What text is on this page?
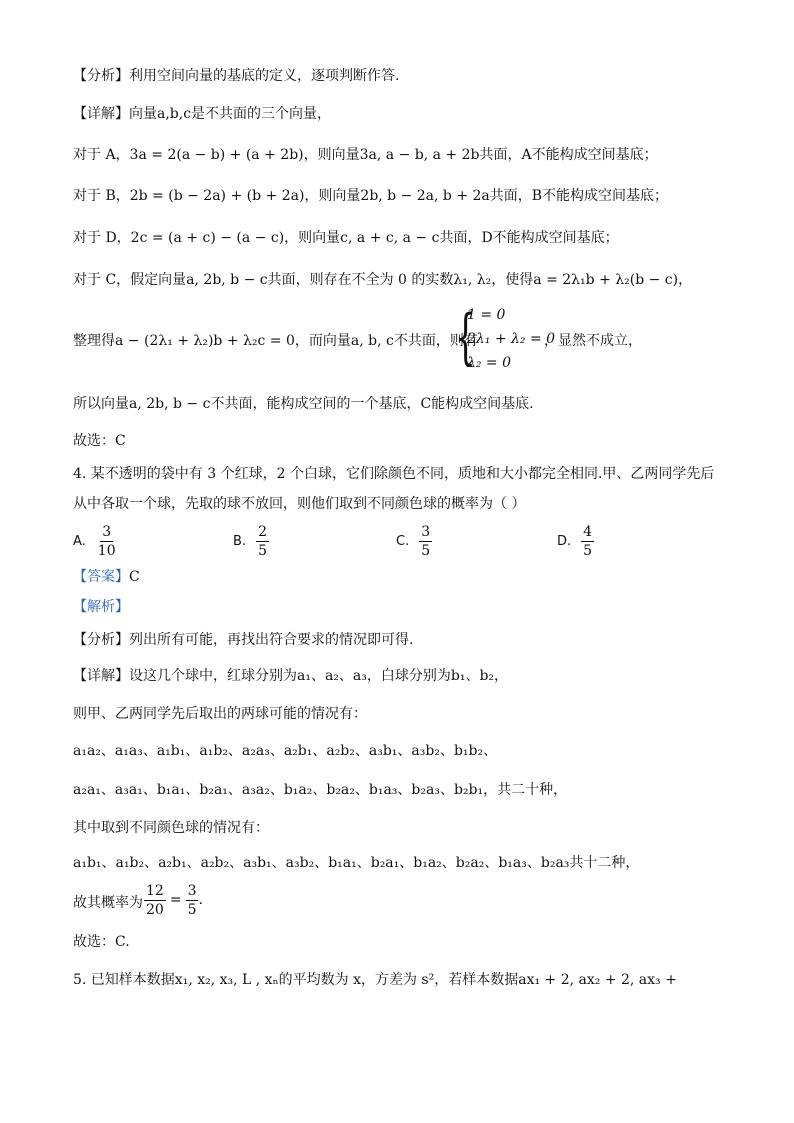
【分析】利用空间向量的基底的定义，逐项判断作答.
【详解】向量a,b,c是不共面的三个向量，
对于 A，3a = 2(a − b) + (a + 2b)，则向量3a, a − b, a + 2b共面，A不能构成空间基底；
对于 B，2b = (b − 2a) + (b + 2a)，则向量2b, b − 2a, b + 2a共面，B不能构成空间基底；
对于 D，2c = (a + c) − (a − c)，则向量c, a + c, a − c共面，D不能构成空间基底；
对于 C，假定向量a, 2b, b − c共面，则存在不全为 0 的实数λ₁, λ₂，使得a = 2λ₁b + λ₂(b − c)，
整理得a − (2λ₁ + λ₂)b + λ₂c = 0，而向量a, b, c不共面，则有
{
1 = 0
2λ₁ + λ₂ = 0
λ₂ = 0
，显然不成立，
所以向量a, 2b, b − c不共面，能构成空间的一个基底，C能构成空间基底.
故选：C
4. 某不透明的袋中有 3 个红球，2 个白球，它们除颜色不同，质地和大小都完全相同.甲、乙两同学先后
从中各取一个球，先取的球不放回，则他们取到不同颜色球的概率为（ ）
A. $\frac{3}{10}$	B. $\frac{2}{5}$	C. $\frac{3}{5}$	D. $\frac{4}{5}$
【答案】C
【解析】
【分析】列出所有可能，再找出符合要求的情况即可得.
【详解】设这几个球中，红球分别为a₁、a₂、a₃，白球分别为b₁、b₂，
则甲、乙两同学先后取出的两球可能的情况有：
a₁a₂、a₁a₃、a₁b₁、a₁b₂、a₂a₃、a₂b₁、a₂b₂、a₃b₁、a₃b₂、b₁b₂、
a₂a₁、a₃a₁、b₁a₁、b₂a₁、a₃a₂、b₁a₂、b₂a₂、b₁a₃、b₂a₃、b₂b₁，共二十种，
其中取到不同颜色球的情况有：
a₁b₁、a₁b₂、a₂b₁、a₂b₂、a₃b₁、a₃b₂、b₁a₁、b₂a₁、b₁a₂、b₂a₂、b₁a₃、b₂a₃共十二种，
故其概率为 $\frac{12}{20} = \frac{3}{5}$ .
故选：C.
5. 已知样本数据x₁, x₂, x₃, L , xₙ的平均数为 x，方差为 s²，若样本数据ax₁ + 2, ax₂ + 2, ax₃ +
